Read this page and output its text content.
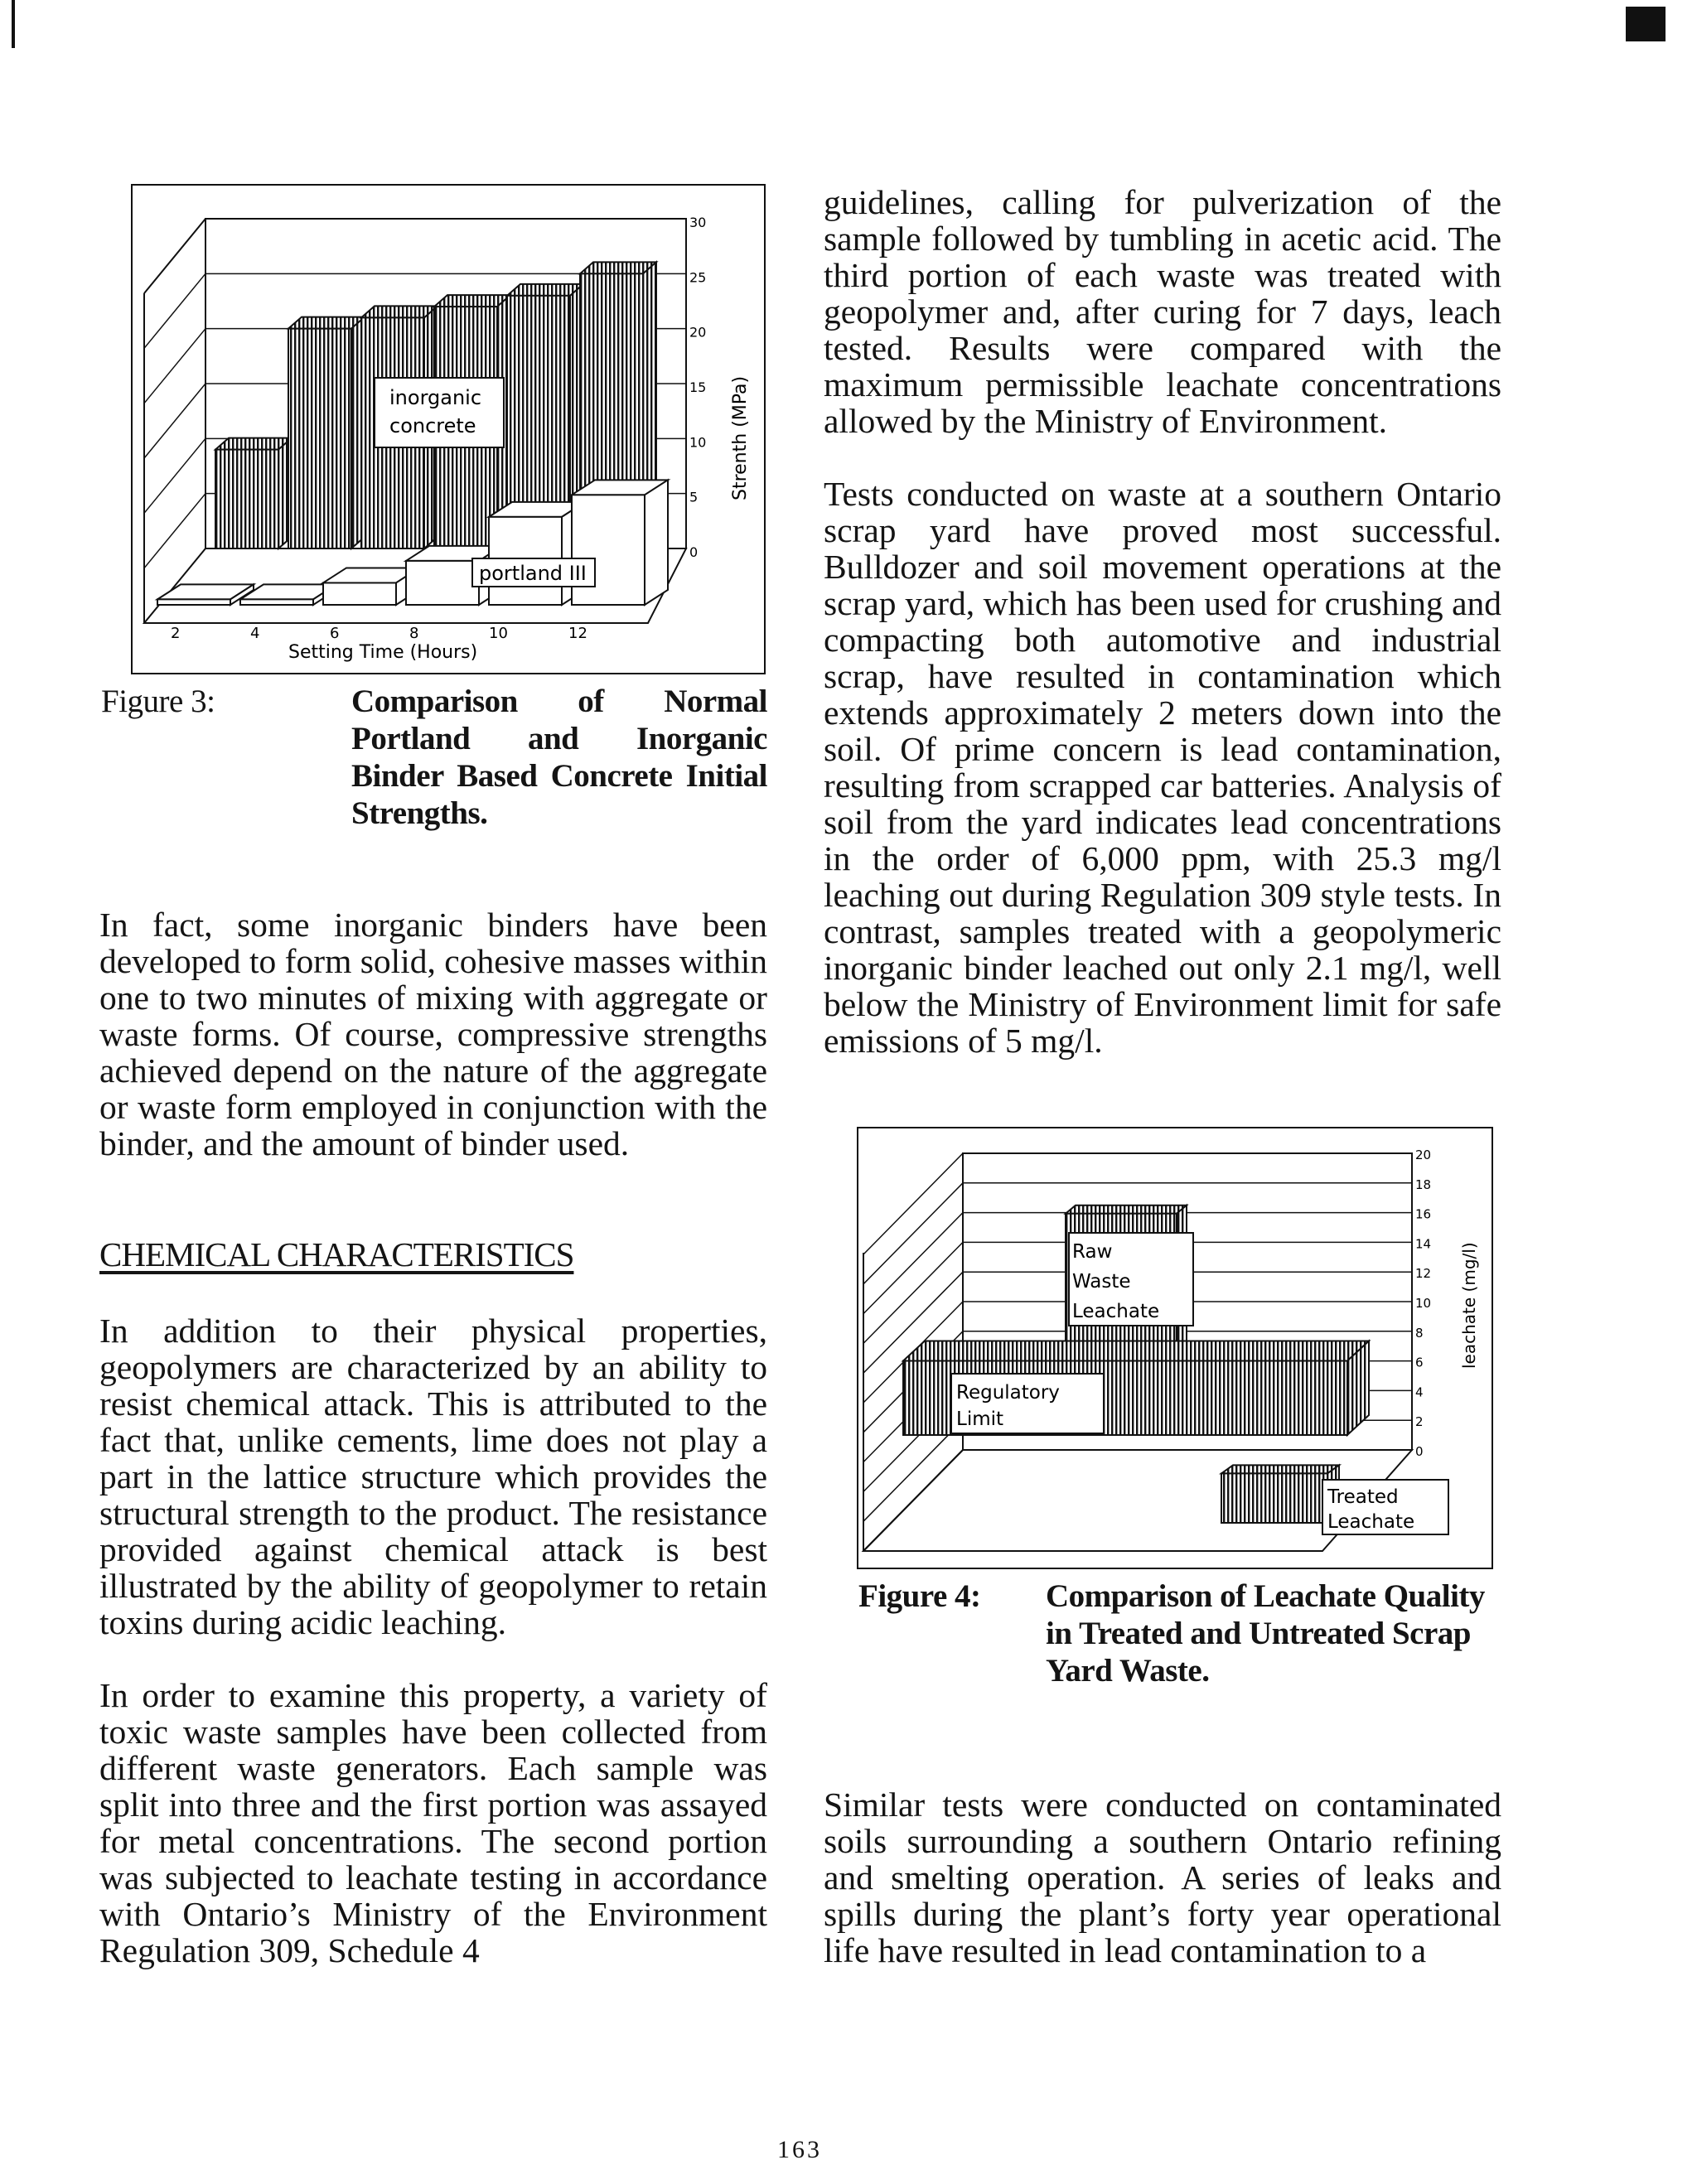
0
5
10
15
20
25
30
inorganic
concrete
portland III
2	4	6	8	10	12
Setting Time (Hours)
Strenth (MPa)
Figure 3:	Comparison of Normal Portland and Inorganic Binder Based Concrete Initial Strengths.

In fact, some inorganic binders have been developed to form solid, cohesive masses within one to two minutes of mixing with aggregate or waste forms. Of course, compressive strengths achieved depend on the nature of the aggregate or waste form employed in conjunction with the binder, and the amount of binder used.

CHEMICAL CHARACTERISTICS

In addition to their physical properties, geopolymers are characterized by an ability to resist chemical attack. This is attributed to the fact that, unlike cements, lime does not play a part in the lattice structure which provides the structural strength to the product. The resistance provided against chemical attack is best illustrated by the ability of geopolymer to retain toxins during acidic leaching.

In order to examine this property, a variety of toxic waste samples have been collected from different waste generators. Each sample was split into three and the first portion was assayed for metal concentrations. The second portion was subjected to leachate testing in accordance with Ontario’s Ministry of the Environment Regulation 309, Schedule 4

guidelines, calling for pulverization of the sample followed by tumbling in acetic acid. The third portion of each waste was treated with geopolymer and, after curing for 7 days, leach tested. Results were compared with the maximum permissible leachate concentrations allowed by the Ministry of Environment.

Tests conducted on waste at a southern Ontario scrap yard have proved most successful. Bulldozer and soil movement operations at the scrap yard, which has been used for crushing and compacting both automotive and industrial scrap, have resulted in contamination which extends approximately 2 meters down into the soil. Of prime concern is lead contamination, resulting from scrapped car batteries. Analysis of soil from the yard indicates lead concentrations in the order of 6,000 ppm, with 25.3 mg/l leaching out during Regulation 309 style tests. In contrast, samples treated with a geopolymeric inorganic binder leached out only 2.1 mg/l, well below the Ministry of Environment limit for safe emissions of 5 mg/l.

0
2
4
6
8
10
12
14
16
18
20
Raw
Waste
Leachate
Regulatory
Limit
Treated
Leachate
leachate (mg/l)
Figure 4:	Comparison of Leachate Quality in Treated and Untreated Scrap Yard Waste.

Similar tests were conducted on contaminated soils surrounding a southern Ontario refining and smelting operation. A series of leaks and spills during the plant’s forty year operational life have resulted in lead contamination to a

163
